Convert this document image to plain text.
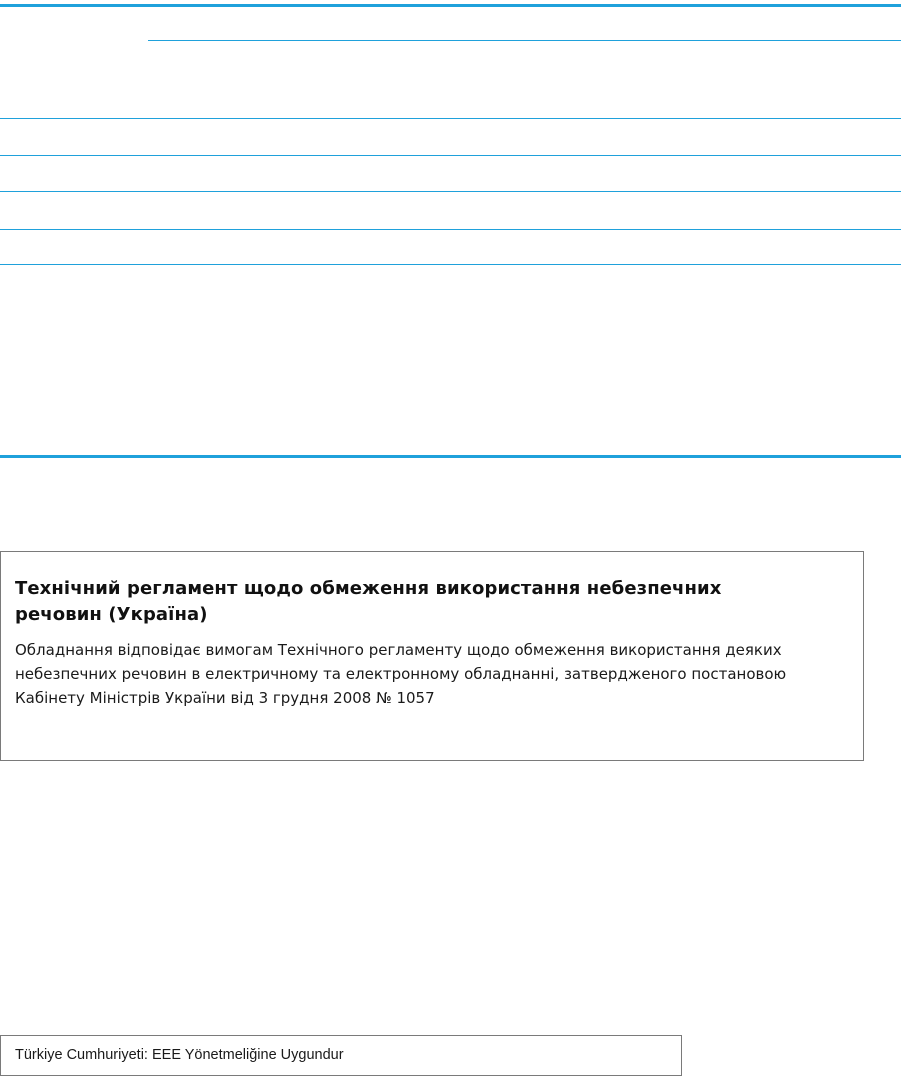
Технічний регламент щодо обмеження використання небезпечних речовин (Україна)

Обладнання відповідає вимогам Технічного регламенту щодо обмеження використання деяких небезпечних речовин в електричному та електронному обладнанні, затвердженого постановою Кабінету Міністрів України від 3 грудня 2008 № 1057

Türkiye Cumhuriyeti: EEE Yönetmeliğine Uygundur
